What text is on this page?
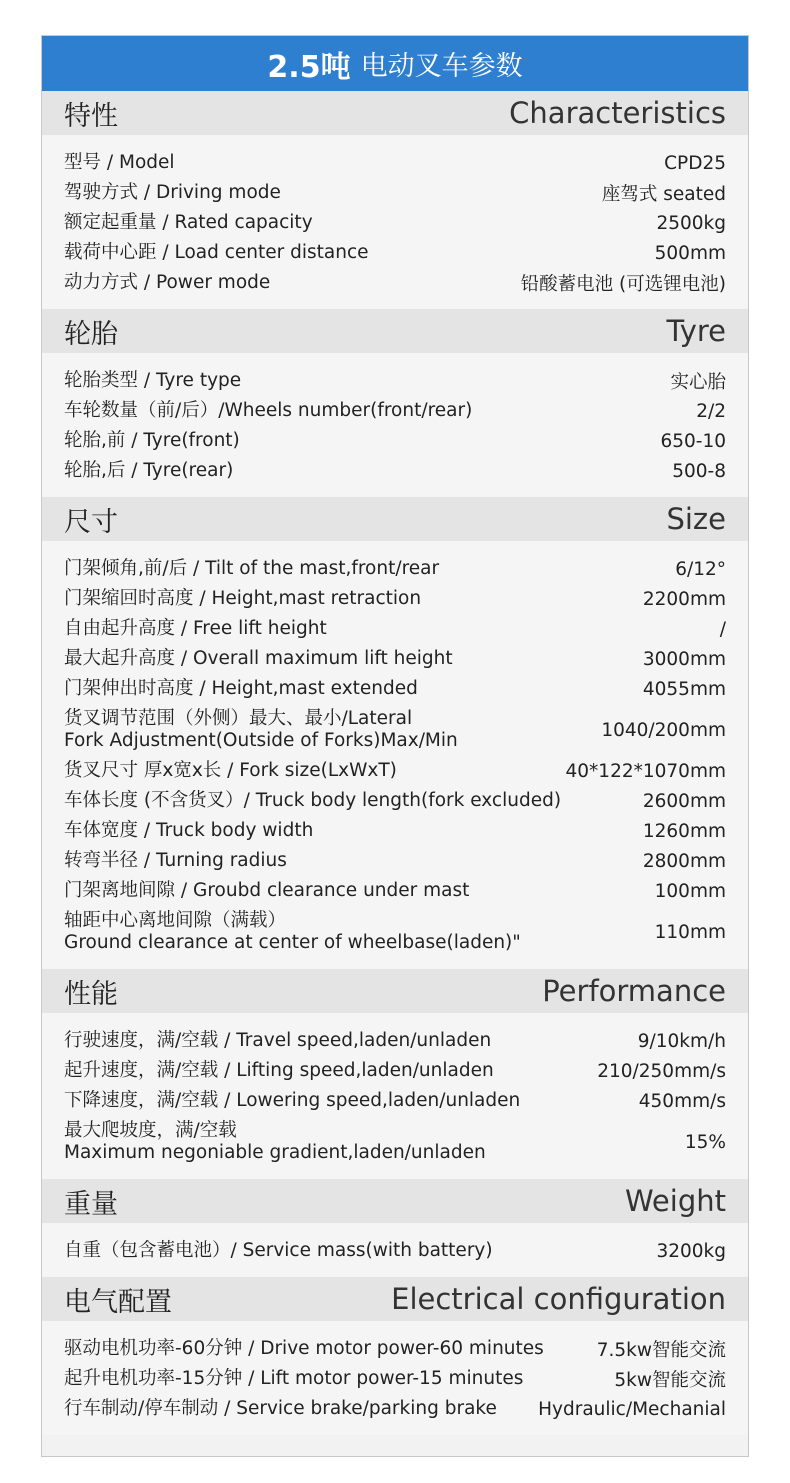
2.5吨 电动叉车参数
特性	Characteristics
型号 / Model	CPD25
驾驶方式 / Driving mode	座驾式 seated
额定起重量 / Rated capacity	2500kg
载荷中心距 / Load center distance	500mm
动力方式 / Power mode	铅酸蓄电池 (可选锂电池)
轮胎	Tyre
轮胎类型 / Tyre type	实心胎
车轮数量（前/后）/Wheels number(front/rear)	2/2
轮胎,前 / Tyre(front)	650-10
轮胎,后 / Tyre(rear)	500-8
尺寸	Size
门架倾角,前/后 / Tilt of the mast,front/rear	6/12°
门架缩回时高度 / Height,mast retraction	2200mm
自由起升高度 / Free lift height	/
最大起升高度 / Overall maximum lift height	3000mm
门架伸出时高度 / Height,mast extended	4055mm
货叉调节范围（外侧）最大、最小/Lateral
Fork Adjustment(Outside of Forks)Max/Min	1040/200mm
货叉尺寸 厚x宽x长 / Fork size(LxWxT)	40*122*1070mm
车体长度 (不含货叉）/ Truck body length(fork excluded)	2600mm
车体宽度 / Truck body width	1260mm
转弯半径 / Turning radius	2800mm
门架离地间隙 / Groubd clearance under mast	100mm
轴距中心离地间隙（满载）
Ground clearance at center of wheelbase(laden)"	110mm
性能	Performance
行驶速度，满/空载 / Travel speed,laden/unladen	9/10km/h
起升速度，满/空载 / Lifting speed,laden/unladen	210/250mm/s
下降速度，满/空载 / Lowering speed,laden/unladen	450mm/s
最大爬坡度，满/空载
Maximum negoniable gradient,laden/unladen	15%
重量	Weight
自重（包含蓄电池）/ Service mass(with battery)	3200kg
电气配置	Electrical configuration
驱动电机功率-60分钟 / Drive motor power-60 minutes	7.5kw智能交流
起升电机功率-15分钟 / Lift motor power-15 minutes	5kw智能交流
行车制动/停车制动 / Service brake/parking brake	Hydraulic/Mechanial
